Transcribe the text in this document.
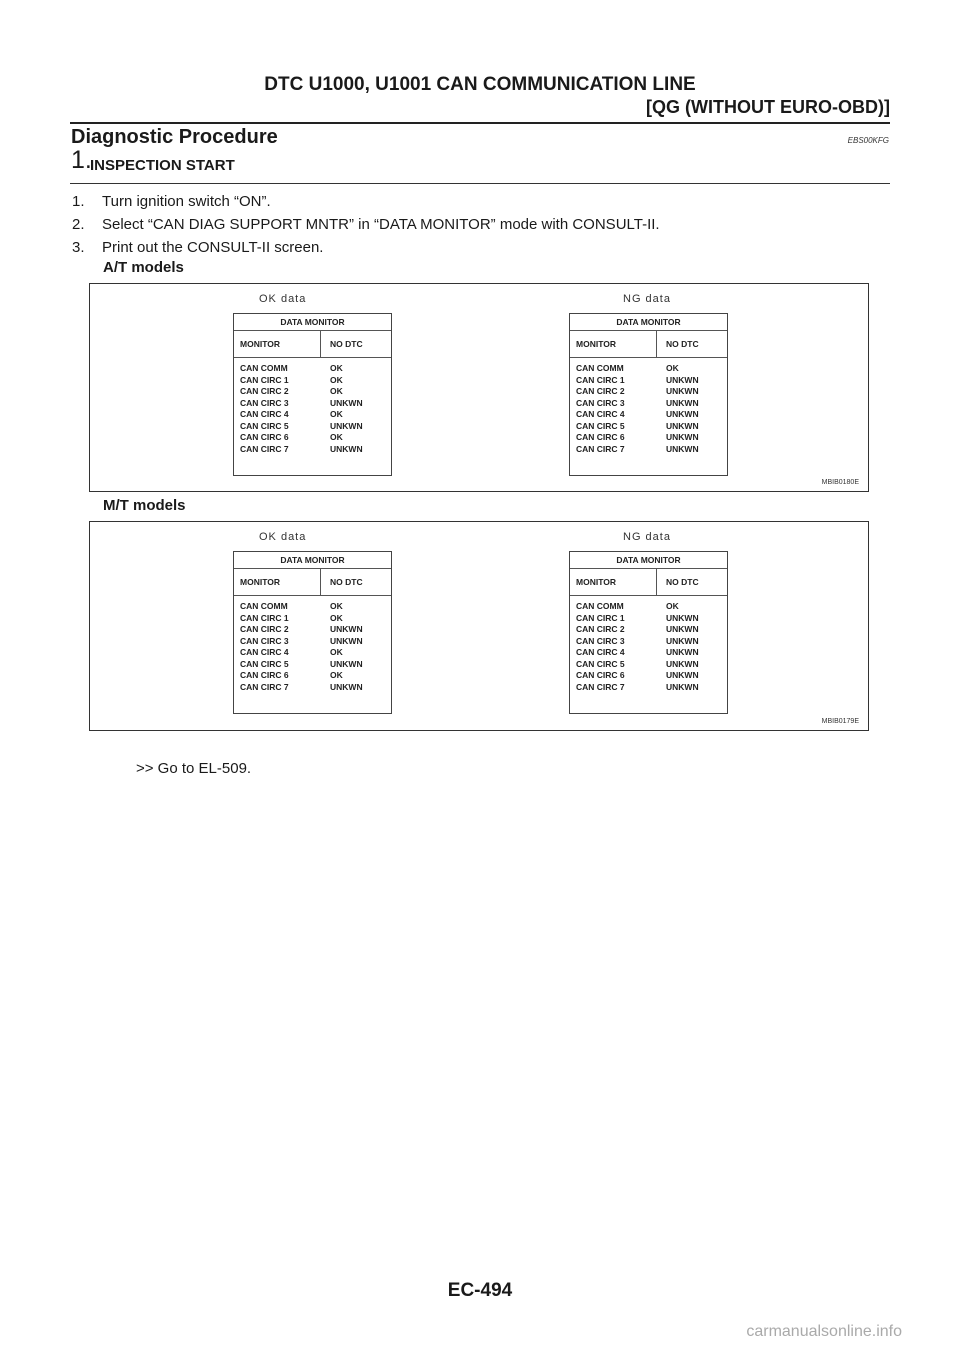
DTC U1000, U1001 CAN COMMUNICATION LINE
[QG (WITHOUT EURO-OBD)]
Diagnostic Procedure	EBS00KFG
1.
INSPECTION START
1. Turn ignition switch “ON”.
2. Select “CAN DIAG SUPPORT MNTR” in “DATA MONITOR” mode with CONSULT-II.
3. Print out the CONSULT-II screen.
A/T models
OK data	NG data
DATA MONITOR
MONITOR	NO DTC
CAN COMM	OK
CAN CIRC 1	OK
CAN CIRC 2	OK
CAN CIRC 3	UNKWN
CAN CIRC 4	OK
CAN CIRC 5	UNKWN
CAN CIRC 6	OK
CAN CIRC 7	UNKWN
DATA MONITOR
MONITOR	NO DTC
CAN COMM	OK
CAN CIRC 1	UNKWN
CAN CIRC 2	UNKWN
CAN CIRC 3	UNKWN
CAN CIRC 4	UNKWN
CAN CIRC 5	UNKWN
CAN CIRC 6	UNKWN
CAN CIRC 7	UNKWN
MBIB0180E
M/T models
OK data	NG data
DATA MONITOR
MONITOR	NO DTC
CAN COMM	OK
CAN CIRC 1	OK
CAN CIRC 2	UNKWN
CAN CIRC 3	UNKWN
CAN CIRC 4	OK
CAN CIRC 5	UNKWN
CAN CIRC 6	OK
CAN CIRC 7	UNKWN
DATA MONITOR
MONITOR	NO DTC
CAN COMM	OK
CAN CIRC 1	UNKWN
CAN CIRC 2	UNKWN
CAN CIRC 3	UNKWN
CAN CIRC 4	UNKWN
CAN CIRC 5	UNKWN
CAN CIRC 6	UNKWN
CAN CIRC 7	UNKWN
MBIB0179E
>> Go to EL-509.
EC-494
carmanualsonline.info
